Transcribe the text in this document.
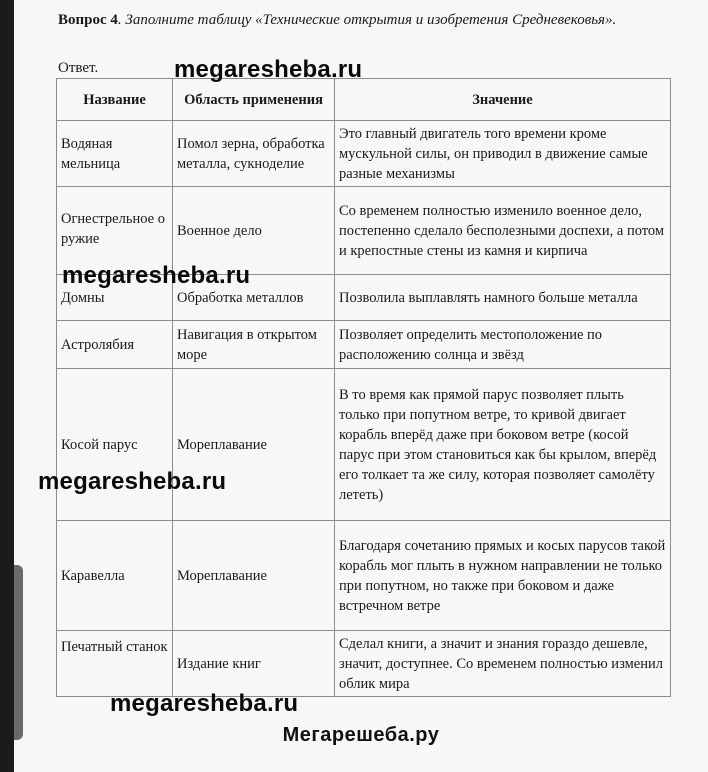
Вопрос 4. Заполните таблицу «Технические открытия и изобретения Средневековья».
Ответ.
Название	Область применения	Значение
Водяная мельница	Помол зерна, обработка металла, сукноделие	Это главный двигатель того времени кроме мускульной силы, он приводил в движение самые разные механизмы
Огнестрельное оружие	Военное дело	Со временем полностью изменило военное дело, постепенно сделало бесполезными доспехи, а потом и крепостные стены из камня и кирпича
Домны	Обработка металлов	Позволила выплавлять намного больше металла
Астролябия	Навигация в открытом море	Позволяет определить местоположение по расположению солнца и звёзд
Косой парус	Мореплавание	В то время как прямой парус позволяет плыть только при попутном ветре, то кривой двигает корабль вперёд даже при боковом ветре (косой парус при этом становиться как бы крылом, вперёд его толкает та же силу, которая позволяет самолёту лететь)
Каравелла	Мореплавание	Благодаря сочетанию прямых и косых парусов такой корабль мог плыть в нужном направлении не только при попутном, но также при боковом и даже встречном ветре
Печатный станок	Издание книг	Сделал книги, а значит и знания гораздо дешевле, значит, доступнее. Со временем полностью изменил облик мира
megaresheba.ru
megaresheba.ru
megaresheba.ru
megaresheba.ru
Мегарешеба.ру
